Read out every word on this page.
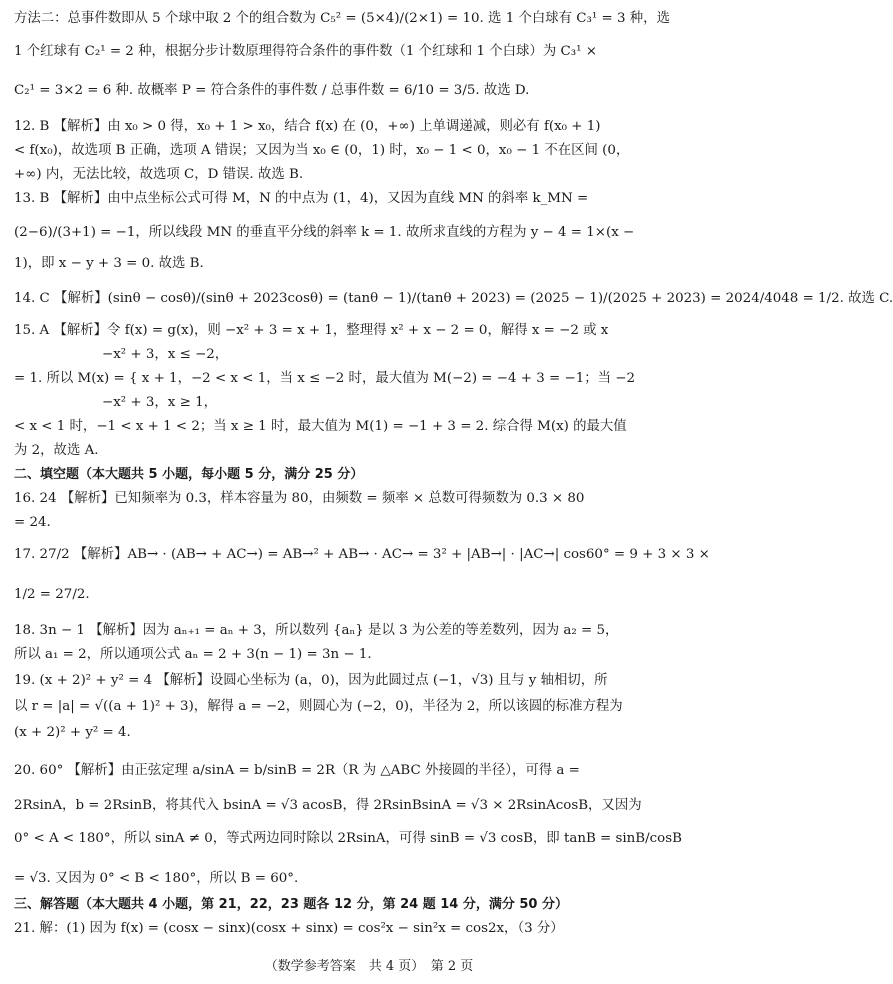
方法二：总事件数即从 5 个球中取 2 个的组合数为 C₅² = (5×4)/(2×1) = 10. 选 1 个白球有 C₃¹ = 3 种，选
1 个红球有 C₂¹ = 2 种，根据分步计数原理得符合条件的事件数（1 个红球和 1 个白球）为 C₃¹ ×
C₂¹ = 3×2 = 6 种. 故概率 P = 符合条件的事件数 / 总事件数 = 6/10 = 3/5. 故选 D.
12. B 【解析】由 x₀ > 0 得，x₀ + 1 > x₀，结合 f(x) 在 (0，+∞) 上单调递减，则必有 f(x₀ + 1)
< f(x₀)，故选项 B 正确，选项 A 错误；又因为当 x₀ ∈ (0，1) 时，x₀ − 1 < 0，x₀ − 1 不在区间 (0，
+∞) 内，无法比较，故选项 C，D 错误. 故选 B.
13. B 【解析】由中点坐标公式可得 M，N 的中点为 (1，4)，又因为直线 MN 的斜率 k_MN =
(2−6)/(3+1) = −1，所以线段 MN 的垂直平分线的斜率 k = 1. 故所求直线的方程为 y − 4 = 1×(x −
1)，即 x − y + 3 = 0. 故选 B.
14. C 【解析】(sinθ − cosθ)/(sinθ + 2023cosθ) = (tanθ − 1)/(tanθ + 2023) = (2025 − 1)/(2025 + 2023) = 2024/4048 = 1/2. 故选 C.
15. A 【解析】令 f(x) = g(x)，则 −x² + 3 = x + 1，整理得 x² + x − 2 = 0，解得 x = −2 或 x
−x² + 3，x ≤ −2，
= 1. 所以 M(x) = { x + 1，−2 < x < 1，当 x ≤ −2 时，最大值为 M(−2) = −4 + 3 = −1；当 −2
−x² + 3，x ≥ 1，
< x < 1 时，−1 < x + 1 < 2；当 x ≥ 1 时，最大值为 M(1) = −1 + 3 = 2. 综合得 M(x) 的最大值
为 2，故选 A.
二、填空题（本大题共 5 小题，每小题 5 分，满分 25 分）
16. 24 【解析】已知频率为 0.3，样本容量为 80，由频数 = 频率 × 总数可得频数为 0.3 × 80
= 24.
17. 27/2 【解析】AB→ · (AB→ + AC→) = AB→² + AB→ · AC→ = 3² + |AB→| · |AC→| cos60° = 9 + 3 × 3 ×
1/2 = 27/2.
18. 3n − 1 【解析】因为 aₙ₊₁ = aₙ + 3，所以数列 {aₙ} 是以 3 为公差的等差数列，因为 a₂ = 5，
所以 a₁ = 2，所以通项公式 aₙ = 2 + 3(n − 1) = 3n − 1.
19. (x + 2)² + y² = 4 【解析】设圆心坐标为 (a，0)，因为此圆过点 (−1，√3) 且与 y 轴相切，所
以 r = |a| = √((a + 1)² + 3)，解得 a = −2，则圆心为 (−2，0)，半径为 2，所以该圆的标准方程为
(x + 2)² + y² = 4.
20. 60° 【解析】由正弦定理 a/sinA = b/sinB = 2R（R 为 △ABC 外接圆的半径），可得 a =
2RsinA，b = 2RsinB，将其代入 bsinA = √3 acosB，得 2RsinBsinA = √3 × 2RsinAcosB，又因为
0° < A < 180°，所以 sinA ≠ 0，等式两边同时除以 2RsinA，可得 sinB = √3 cosB，即 tanB = sinB/cosB
= √3. 又因为 0° < B < 180°，所以 B = 60°.
三、解答题（本大题共 4 小题，第 21，22，23 题各 12 分，第 24 题 14 分，满分 50 分）
21. 解：(1) 因为 f(x) = (cosx − sinx)(cosx + sinx) = cos²x − sin²x = cos2x，（3 分）
（数学参考答案　共 4 页）　第 2 页
